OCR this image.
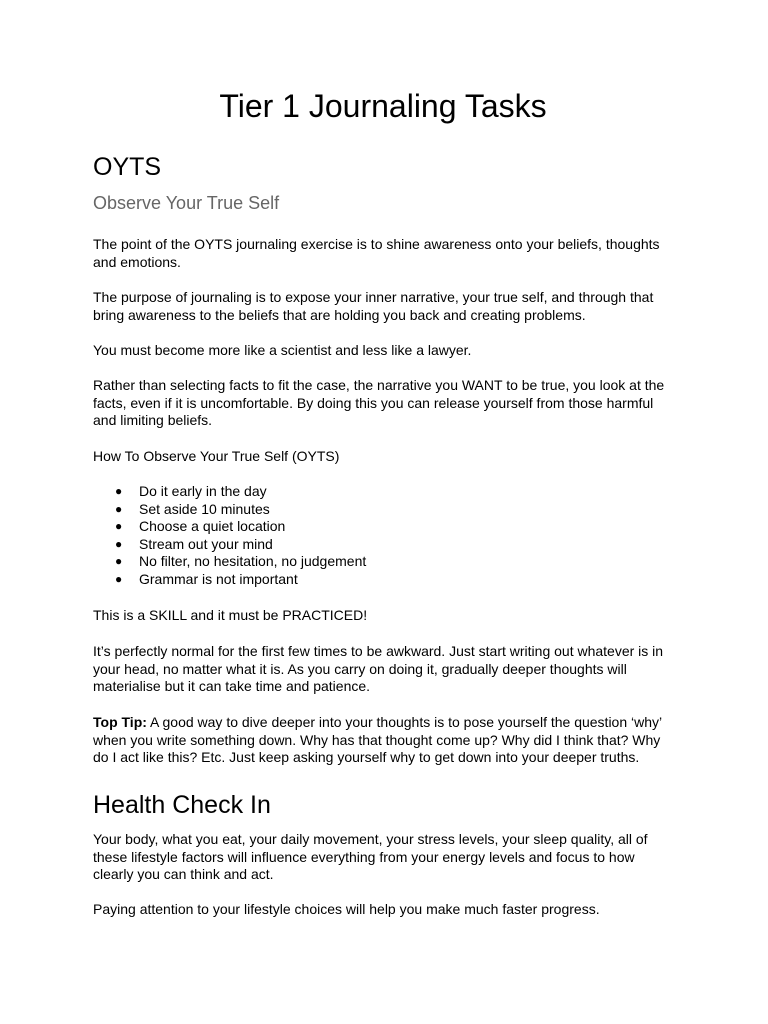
Tier 1 Journaling Tasks
OYTS
Observe Your True Self

The point of the OYTS journaling exercise is to shine awareness onto your beliefs, thoughts and emotions.

The purpose of journaling is to expose your inner narrative, your true self, and through that bring awareness to the beliefs that are holding you back and creating problems.

You must become more like a scientist and less like a lawyer.

Rather than selecting facts to fit the case, the narrative you WANT to be true, you look at the facts, even if it is uncomfortable. By doing this you can release yourself from those harmful and limiting beliefs.

How To Observe Your True Self (OYTS)

● Do it early in the day
● Set aside 10 minutes
● Choose a quiet location
● Stream out your mind
● No filter, no hesitation, no judgement
● Grammar is not important

This is a SKILL and it must be PRACTICED!

It’s perfectly normal for the first few times to be awkward. Just start writing out whatever is in your head, no matter what it is. As you carry on doing it, gradually deeper thoughts will materialise but it can take time and patience.

Top Tip: A good way to dive deeper into your thoughts is to pose yourself the question ‘why’ when you write something down. Why has that thought come up? Why did I think that? Why do I act like this? Etc. Just keep asking yourself why to get down into your deeper truths.

Health Check In

Your body, what you eat, your daily movement, your stress levels, your sleep quality, all of these lifestyle factors will influence everything from your energy levels and focus to how clearly you can think and act.

Paying attention to your lifestyle choices will help you make much faster progress.
